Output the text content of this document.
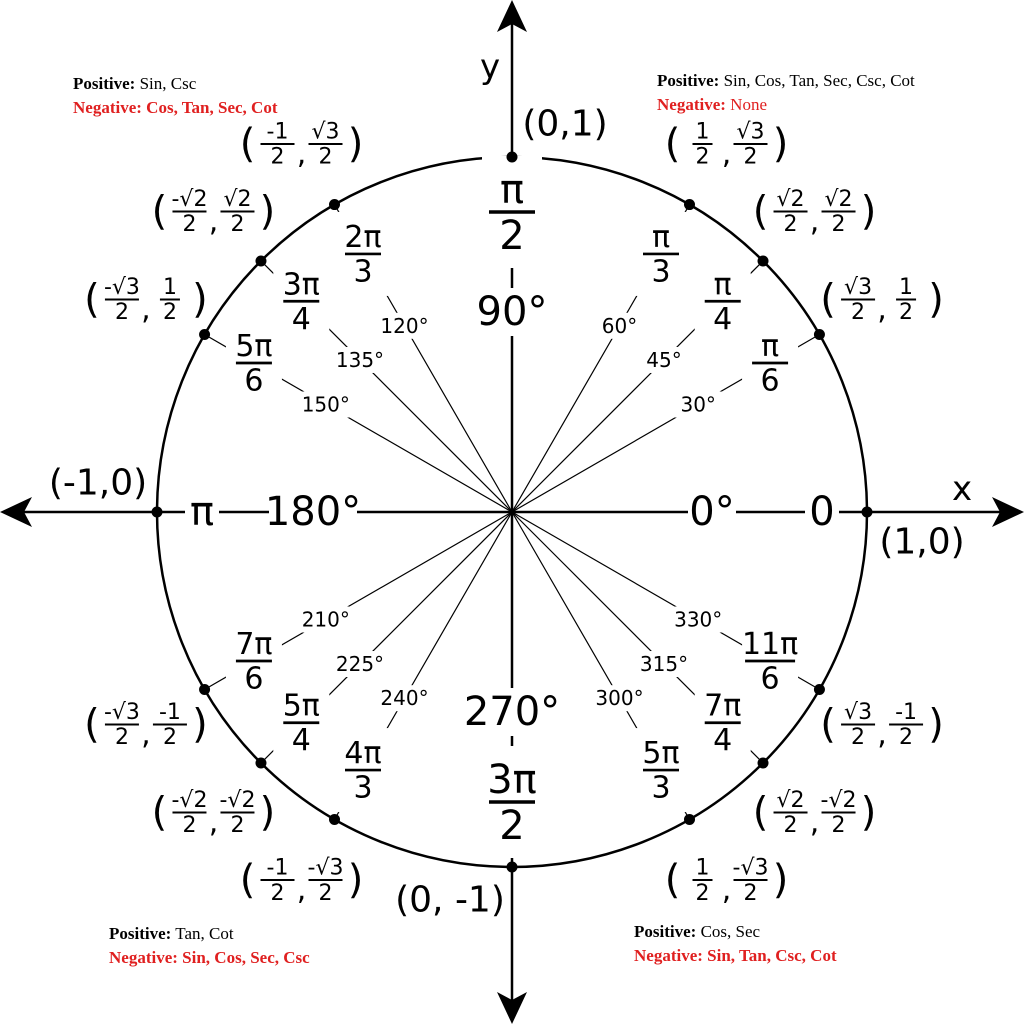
0°
90°
180°
270°
30°
45°
60°
120°
135°
150°
210°
225°
240°	300°
315°
330°
0
π
2
π
3π
2
π
6
π
4
π
3
2π
3
3π
4
5π
6
7π
6
5π
4 4π
3
5π
3
7π
4
11π
6
(1,0)
(0,1)
(-1,0)
(0, -1)
( √3
2 ,
1
2 )
( √2
2 ,
√2
2 )
( 1
2 ,
√3
2 )
( -1
2 ,
√3
2 )
( -√2
2 ,
√2
2 )
( -√3
2 ,
1
2 )
( -√3
2 ,
-1
2 )
( -√2
2 ,
-√2
2 )
( -1
2 ,
-√3
2 )	( 1
2 ,
-√3
2 )
( √2
2 ,
-√2
2 )
( √3
2 ,
-1
2 )
x
y
Positive: Sin, Csc
Negative: Cos, Tan, Sec, Cot
Positive: Sin, Cos, Tan, Sec, Csc, Cot
Negative: None
Positive: Tan, Cot
Negative: Sin, Cos, Sec, Csc
Positive: Cos, Sec
Negative: Sin, Tan, Csc, Cot
